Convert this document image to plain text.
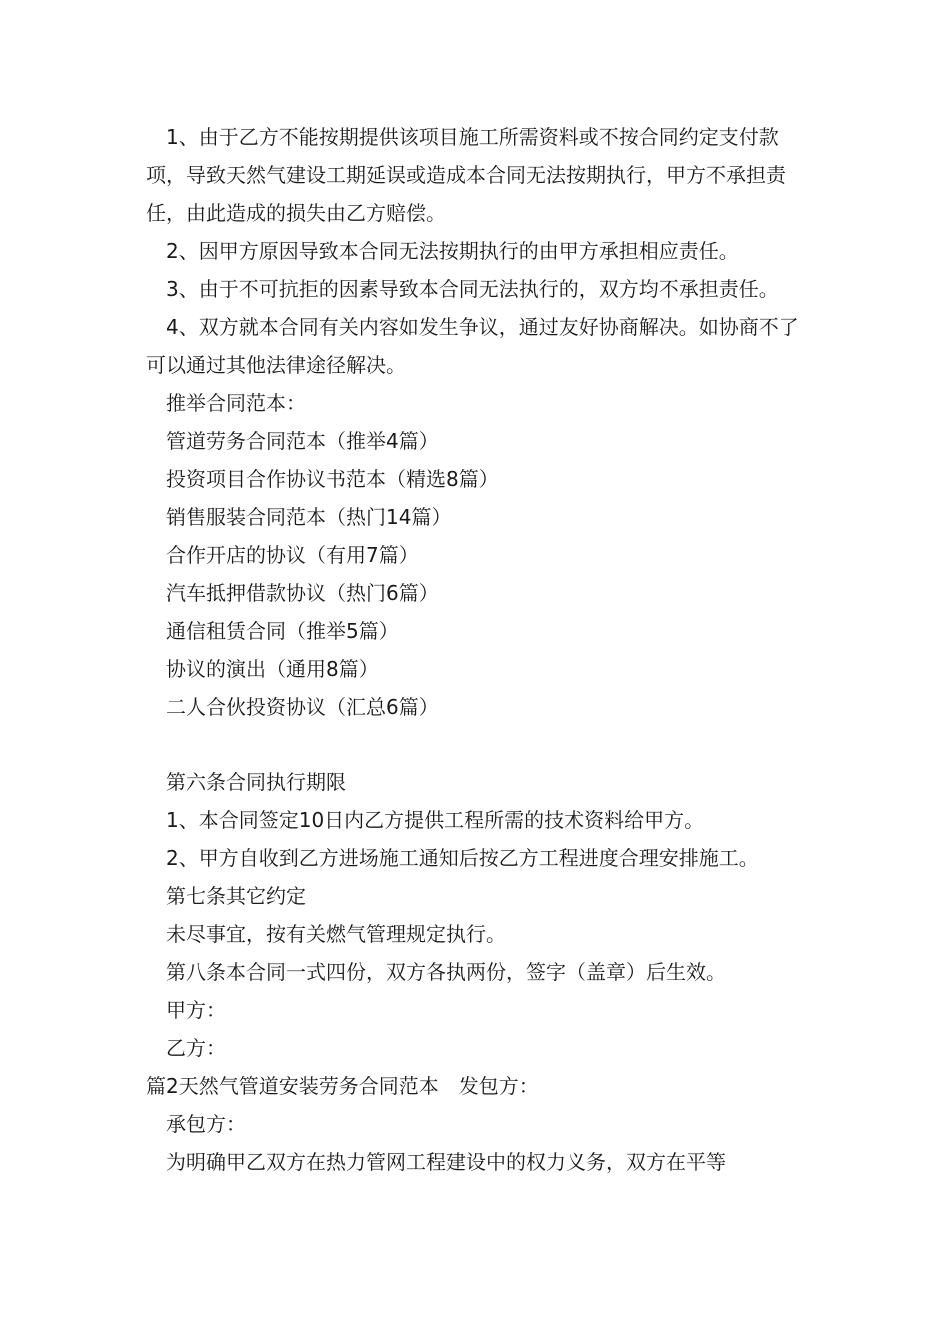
1、由于乙方不能按期提供该项目施工所需资料或不按合同约定支付款项，导致天然气建设工期延误或造成本合同无法按期执行，甲方不承担责任，由此造成的损失由乙方赔偿。

2、因甲方原因导致本合同无法按期执行的由甲方承担相应责任。

3、由于不可抗拒的因素导致本合同无法执行的，双方均不承担责任。

4、双方就本合同有关内容如发生争议，通过友好协商解决。如协商不了可以通过其他法律途径解决。

推举合同范本：

管道劳务合同范本（推举4篇）

投资项目合作协议书范本（精选8篇）

销售服装合同范本（热门14篇）

合作开店的协议（有用7篇）

汽车抵押借款协议（热门6篇）

通信租赁合同（推举5篇）

协议的演出（通用8篇）

二人合伙投资协议（汇总6篇）

第六条合同执行期限

1、本合同签定10日内乙方提供工程所需的技术资料给甲方。

2、甲方自收到乙方进场施工通知后按乙方工程进度合理安排施工。

第七条其它约定

未尽事宜，按有关燃气管理规定执行。

第八条本合同一式四份，双方各执两份，签字（盖章）后生效。

甲方：

乙方：

篇2天然气管道安装劳务合同范本　发包方：

承包方：

为明确甲乙双方在热力管网工程建设中的权力义务，双方在平等
